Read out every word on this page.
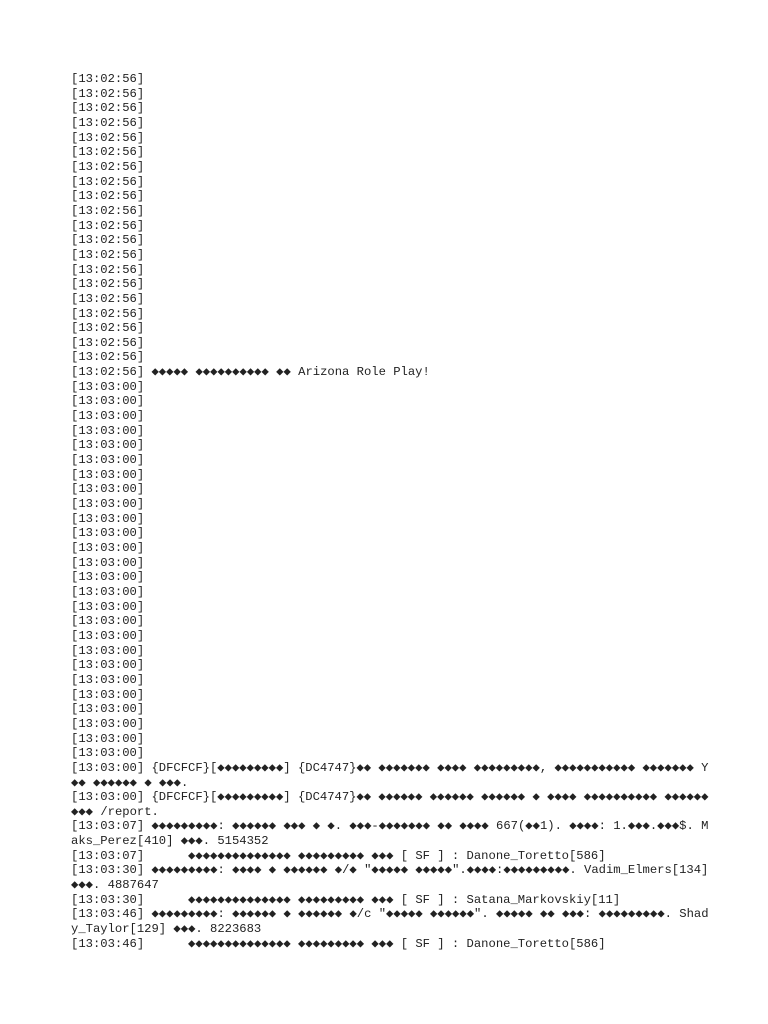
[13:02:56]
[13:02:56]
[13:02:56]
[13:02:56]
[13:02:56]
[13:02:56]
[13:02:56]
[13:02:56]
[13:02:56]
[13:02:56]
[13:02:56]
[13:02:56]
[13:02:56]
[13:02:56]
[13:02:56]
[13:02:56]
[13:02:56]
[13:02:56]
[13:02:56]
[13:02:56]
[13:02:56] ◆◆◆◆◆ ◆◆◆◆◆◆◆◆◆◆ ◆◆ Arizona Role Play!
[13:03:00]
[13:03:00]
[13:03:00]
[13:03:00]
[13:03:00]
[13:03:00]
[13:03:00]
[13:03:00]
[13:03:00]
[13:03:00]
[13:03:00]
[13:03:00]
[13:03:00]
[13:03:00]
[13:03:00]
[13:03:00]
[13:03:00]
[13:03:00]
[13:03:00]
[13:03:00]
[13:03:00]
[13:03:00]
[13:03:00]
[13:03:00]
[13:03:00]
[13:03:00]
[13:03:00] {DFCFCF}[◆◆◆◆◆◆◆◆◆] {DC4747}◆◆ ◆◆◆◆◆◆◆ ◆◆◆◆ ◆◆◆◆◆◆◆◆◆, ◆◆◆◆◆◆◆◆◆◆◆ ◆◆◆◆◆◆◆ Y ◆◆ ◆◆◆◆◆◆ ◆ ◆◆◆.
[13:03:00] {DFCFCF}[◆◆◆◆◆◆◆◆◆] {DC4747}◆◆ ◆◆◆◆◆◆ ◆◆◆◆◆◆ ◆◆◆◆◆◆ ◆ ◆◆◆◆ ◆◆◆◆◆◆◆◆◆◆ ◆◆◆◆◆◆◆◆◆ /report.
[13:03:07] ◆◆◆◆◆◆◆◆◆: ◆◆◆◆◆◆ ◆◆◆ ◆ ◆. ◆◆◆-◆◆◆◆◆◆◆ ◆◆ ◆◆◆◆ 667(◆◆1). ◆◆◆◆: 1.◆◆◆.◆◆◆$. Maks_Perez[410] ◆◆◆. 5154352
[13:03:07]      ◆◆◆◆◆◆◆◆◆◆◆◆◆◆ ◆◆◆◆◆◆◆◆◆ ◆◆◆ [ SF ] : Danone_Toretto[586]
[13:03:30] ◆◆◆◆◆◆◆◆◆: ◆◆◆◆ ◆ ◆◆◆◆◆◆ ◆/◆ "◆◆◆◆◆ ◆◆◆◆◆".◆◆◆◆:◆◆◆◆◆◆◆◆◆. Vadim_Elmers[134] ◆◆◆. 4887647
[13:03:30]      ◆◆◆◆◆◆◆◆◆◆◆◆◆◆ ◆◆◆◆◆◆◆◆◆ ◆◆◆ [ SF ] : Satana_Markovskiy[11]
[13:03:46] ◆◆◆◆◆◆◆◆◆: ◆◆◆◆◆◆ ◆ ◆◆◆◆◆◆ ◆/c "◆◆◆◆◆ ◆◆◆◆◆◆". ◆◆◆◆◆ ◆◆ ◆◆◆: ◆◆◆◆◆◆◆◆◆. Shady_Taylor[129] ◆◆◆. 8223683
[13:03:46]      ◆◆◆◆◆◆◆◆◆◆◆◆◆◆ ◆◆◆◆◆◆◆◆◆ ◆◆◆ [ SF ] : Danone_Toretto[586]
